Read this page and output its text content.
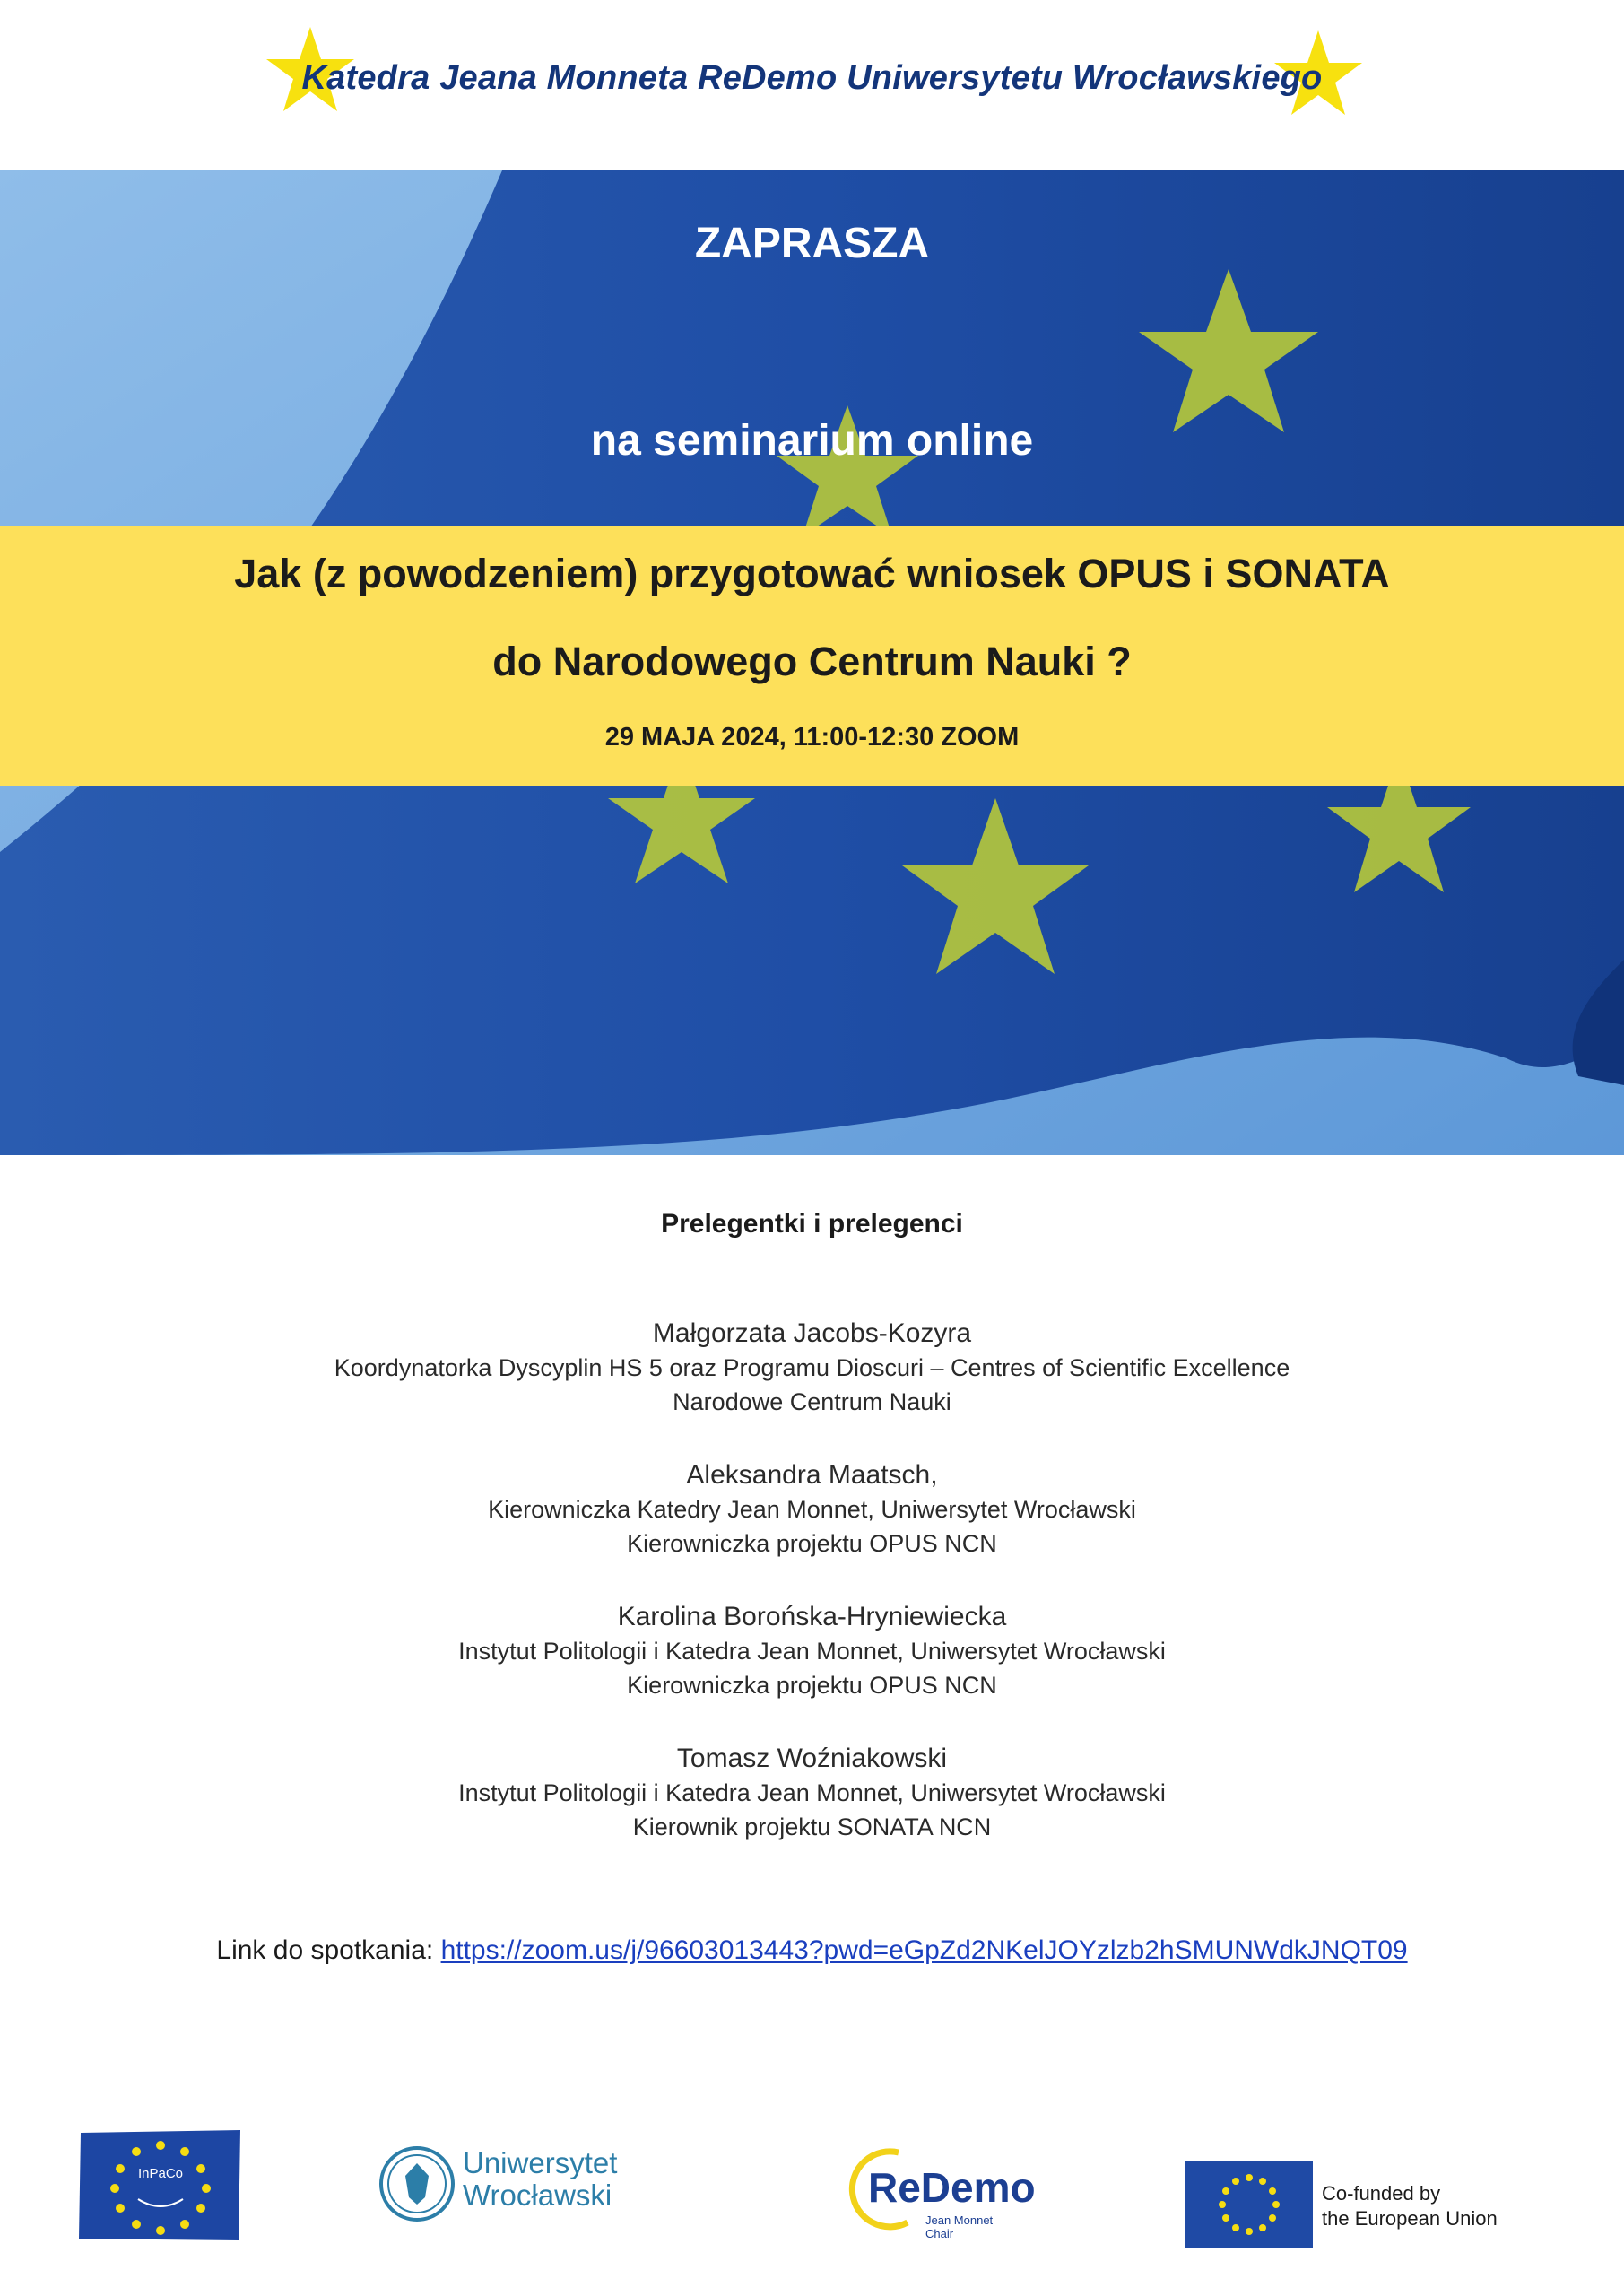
Katedra Jeana Monneta ReDemo Uniwersytetu Wrocławskiego
ZAPRASZA
na seminarium online
Jak (z powodzeniem) przygotować wniosek OPUS i SONATA
do Narodowego Centrum Nauki ?
29 MAJA 2024, 11:00-12:30 ZOOM
Prelegentki i prelegenci
Małgorzata Jacobs-Kozyra
Koordynatorka Dyscyplin HS 5 oraz Programu Dioscuri – Centres of Scientific Excellence
Narodowe Centrum Nauki
Aleksandra Maatsch,
Kierowniczka Katedry Jean Monnet, Uniwersytet Wrocławski
Kierowniczka projektu OPUS NCN
Karolina Borońska-Hryniewiecka
Instytut Politologii i Katedra Jean Monnet, Uniwersytet Wrocławski
Kierowniczka projektu OPUS NCN
Tomasz Woźniakowski
Instytut Politologii i Katedra Jean Monnet, Uniwersytet Wrocławski
Kierownik projektu SONATA NCN
Link do spotkania: https://zoom.us/j/96603013443?pwd=eGpZd2NKelJOYzlzb2hSMUNWdkJNQT09
InPaCo	Uniwersytet
Wrocławski	ReDemo
Jean Monnet Chair
Co-funded by
the European Union
